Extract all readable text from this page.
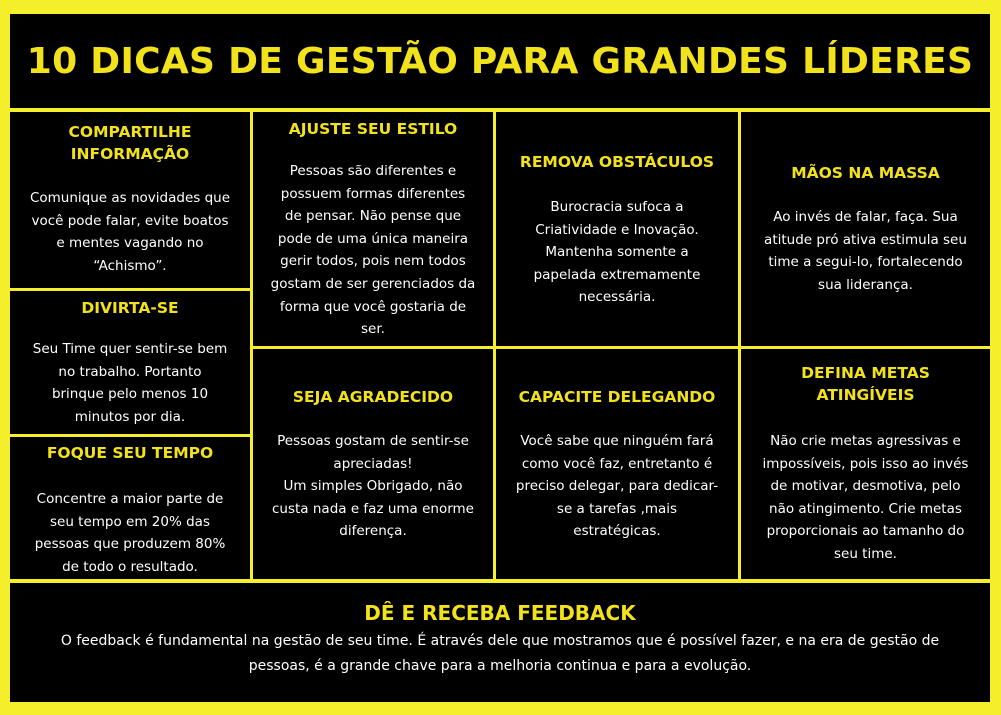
10 DICAS DE GESTÃO PARA GRANDES LÍDERES
COMPARTILHE
INFORMAÇÃO
Comunique as novidades que
você pode falar, evite boatos
e mentes vagando no
“Achismo”.
DIVIRTA-SE
Seu Time quer sentir-se bem
no trabalho. Portanto
brinque pelo menos 10
minutos por dia.
FOQUE SEU TEMPO
Concentre a maior parte de
seu tempo em 20% das
pessoas que produzem 80%
de todo o resultado.
AJUSTE SEU ESTILO
Pessoas são diferentes e
possuem formas diferentes
de pensar. Não pense que
pode de uma única maneira
gerir todos, pois nem todos
gostam de ser gerenciados da
forma que você gostaria de
ser.
REMOVA OBSTÁCULOS
Burocracia sufoca a
Criatividade e Inovação.
Mantenha somente a
papelada extremamente
necessária.
MÃOS NA MASSA
Ao invés de falar, faça. Sua
atitude pró ativa estimula seu
time a segui-lo, fortalecendo
sua liderança.
SEJA AGRADECIDO
Pessoas gostam de sentir-se
apreciadas!
Um simples Obrigado, não
custa nada e faz uma enorme
diferença.
CAPACITE DELEGANDO
Você sabe que ninguém fará
como você faz, entretanto é
preciso delegar, para dedicar-
se a tarefas ,mais
estratégicas.
DEFINA METAS
ATINGÍVEIS
Não crie metas agressivas e
impossíveis, pois isso ao invés
de motivar, desmotiva, pelo
não atingimento. Crie metas
proporcionais ao tamanho do
seu time.
DÊ E RECEBA FEEDBACK
O feedback é fundamental na gestão de seu time. É através dele que mostramos que é possível fazer, e na era de gestão de
pessoas, é a grande chave para a melhoria continua e para a evolução.
